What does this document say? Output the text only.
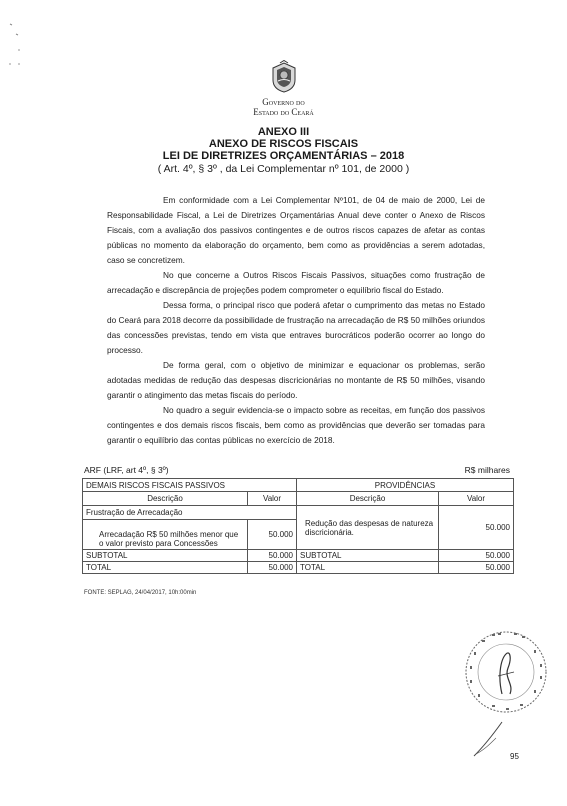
Governo do
Estado do Ceará
ANEXO III
ANEXO DE RISCOS FISCAIS
LEI DE DIRETRIZES ORÇAMENTÁRIAS – 2018
( Art. 4º, § 3º , da Lei Complementar nº 101, de 2000 )
Em conformidade com a Lei Complementar Nº101, de 04 de maio de 2000, Lei de Responsabilidade Fiscal, a Lei de Diretrizes Orçamentárias Anual deve conter o Anexo de Riscos Fiscais, com a avaliação dos passivos contingentes e de outros riscos capazes de afetar as contas públicas no momento da elaboração do orçamento, bem como as providências a serem adotadas, caso se concretizem.
No que concerne a Outros Riscos Fiscais Passivos, situações como frustração de arrecadação e discrepância de projeções podem comprometer o equilíbrio fiscal do Estado.
Dessa forma, o principal risco que poderá afetar o cumprimento das metas no Estado do Ceará para 2018 decorre da possibilidade de frustração na arrecadação de R$ 50 milhões oriundos das concessões previstas, tendo em vista que entraves burocráticos poderão ocorrer ao longo do processo.
De forma geral, com o objetivo de minimizar e equacionar os problemas, serão adotadas medidas de redução das despesas discricionárias no montante de R$ 50 milhões, visando garantir o atingimento das metas fiscais do período.
No quadro a seguir evidencia-se o impacto sobre as receitas, em função dos passivos contingentes e dos demais riscos fiscais, bem como as providências que deverão ser tomadas para garantir o equilíbrio das contas públicas no exercício de 2018.
ARF (LRF, art 4º, § 3º)	R$ milhares
DEMAIS RISCOS FISCAIS PASSIVOS		PROVIDÊNCIAS	
Descrição	Valor	Descrição	Valor
Frustração de Arrecadação		Redução das despesas de natureza discricionária.	50.000
Arrecadação R$ 50 milhões menor que o valor previsto para Concessões	50.000		
SUBTOTAL	50.000	SUBTOTAL	50.000
TOTAL	50.000	TOTAL	50.000
FONTE: SEPLAG, 24/04/2017, 10h:00min
95
